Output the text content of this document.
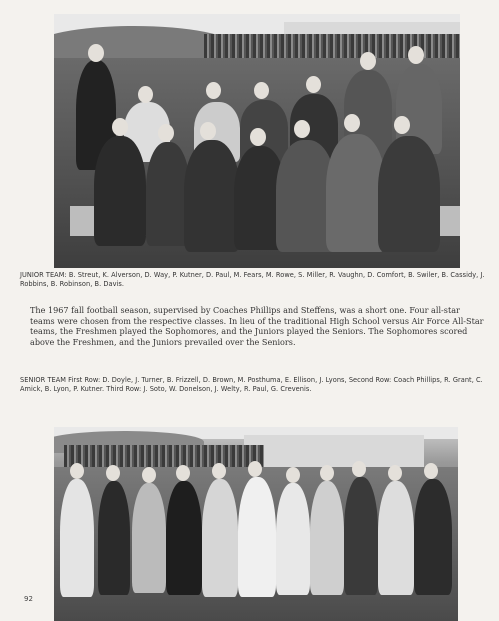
JUNIOR TEAM: B. Streut, K. Alverson, D. Way, P. Kutner, D. Paul, M. Fears, M. Rowe, S. Miller, R. Vaughn, D. Comfort, B. Swiler, B. Cassidy, J. Robbins, B. Robinson, B. Davis.
The 1967 fall football season, supervised by Coaches Phillips and Steffens, was a short one. Four all-star teams were chosen from the respective classes. In lieu of the traditional High School versus Air Force All-Star teams, the Freshmen played the Sophomores, and the Juniors played the Seniors. The Sophomores scored above the Freshmen, and the Juniors prevailed over the Seniors.
SENIOR TEAM First Row: D. Doyle, J. Turner, B. Frizzell, D. Brown, M. Posthuma, E. Ellison, J. Lyons, Second Row: Coach Phillips, R. Grant, C. Amick, B. Lyon, P. Kutner. Third Row: J. Soto, W. Donelson, J. Welty, R. Paul, G. Crevenis.
92
